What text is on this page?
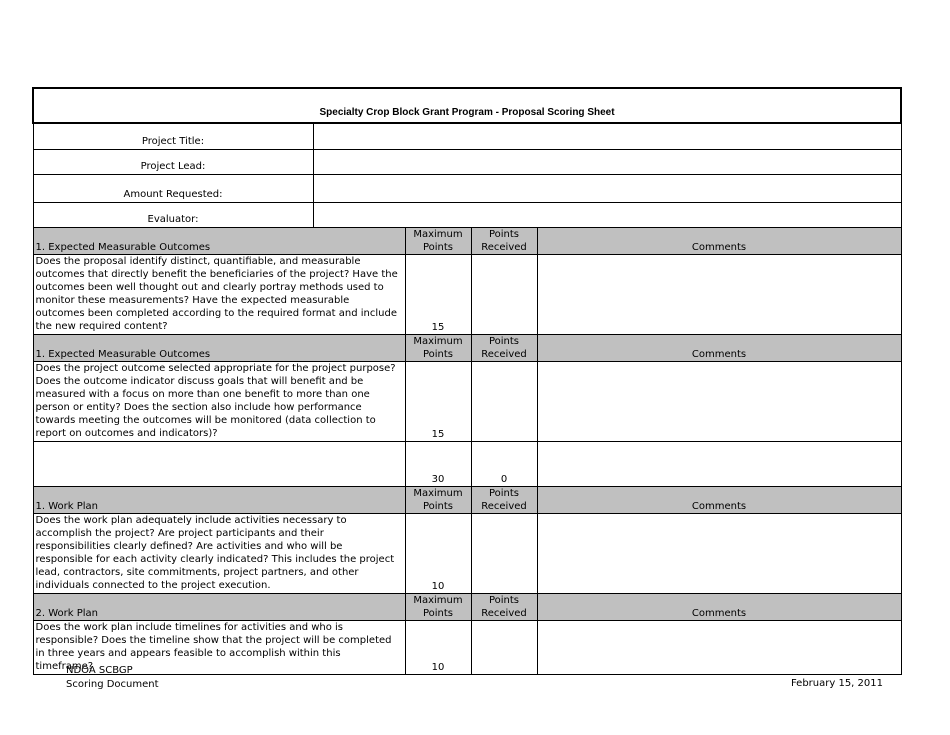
Specialty Crop Block Grant Program - Proposal Scoring Sheet				
Project Title:				
Project Lead:				
Amount Requested:				
Evaluator:				
1. Expected Measurable Outcomes		Maximum Points	Points Received	Comments
Does the proposal identify distinct, quantifiable, and measurable outcomes that directly benefit the beneficiaries of the project? Have the outcomes been well thought out and clearly portray methods used to monitor these measurements? Have the expected measurable outcomes been completed according to the required format and include the new required content?		15		
1. Expected Measurable Outcomes		Maximum Points	Points Received	Comments
Does the project outcome selected appropriate for the project purpose? Does the outcome indicator discuss goals that will benefit and be measured with a focus on more than one benefit to more than one person or entity? Does the section also include how performance towards meeting the outcomes will be monitored (data collection to report on outcomes and indicators)?		15		
		30	0	
1. Work Plan		Maximum Points	Points Received	Comments
Does the work plan adequately include activities necessary to accomplish the project? Are project participants and their responsibilities clearly defined? Are activities and who will be responsible for each activity clearly indicated? This includes the project lead, contractors, site commitments, project partners, and other individuals connected to the project execution.		10		
2. Work Plan		Maximum Points	Points Received	Comments
Does the work plan include timelines for activities and who is responsible? Does the timeline show that the project will be completed in three years and appears feasible to accomplish within this timeframe?		10		
NDOA SCBGP
Scoring Document	February 15, 2011
